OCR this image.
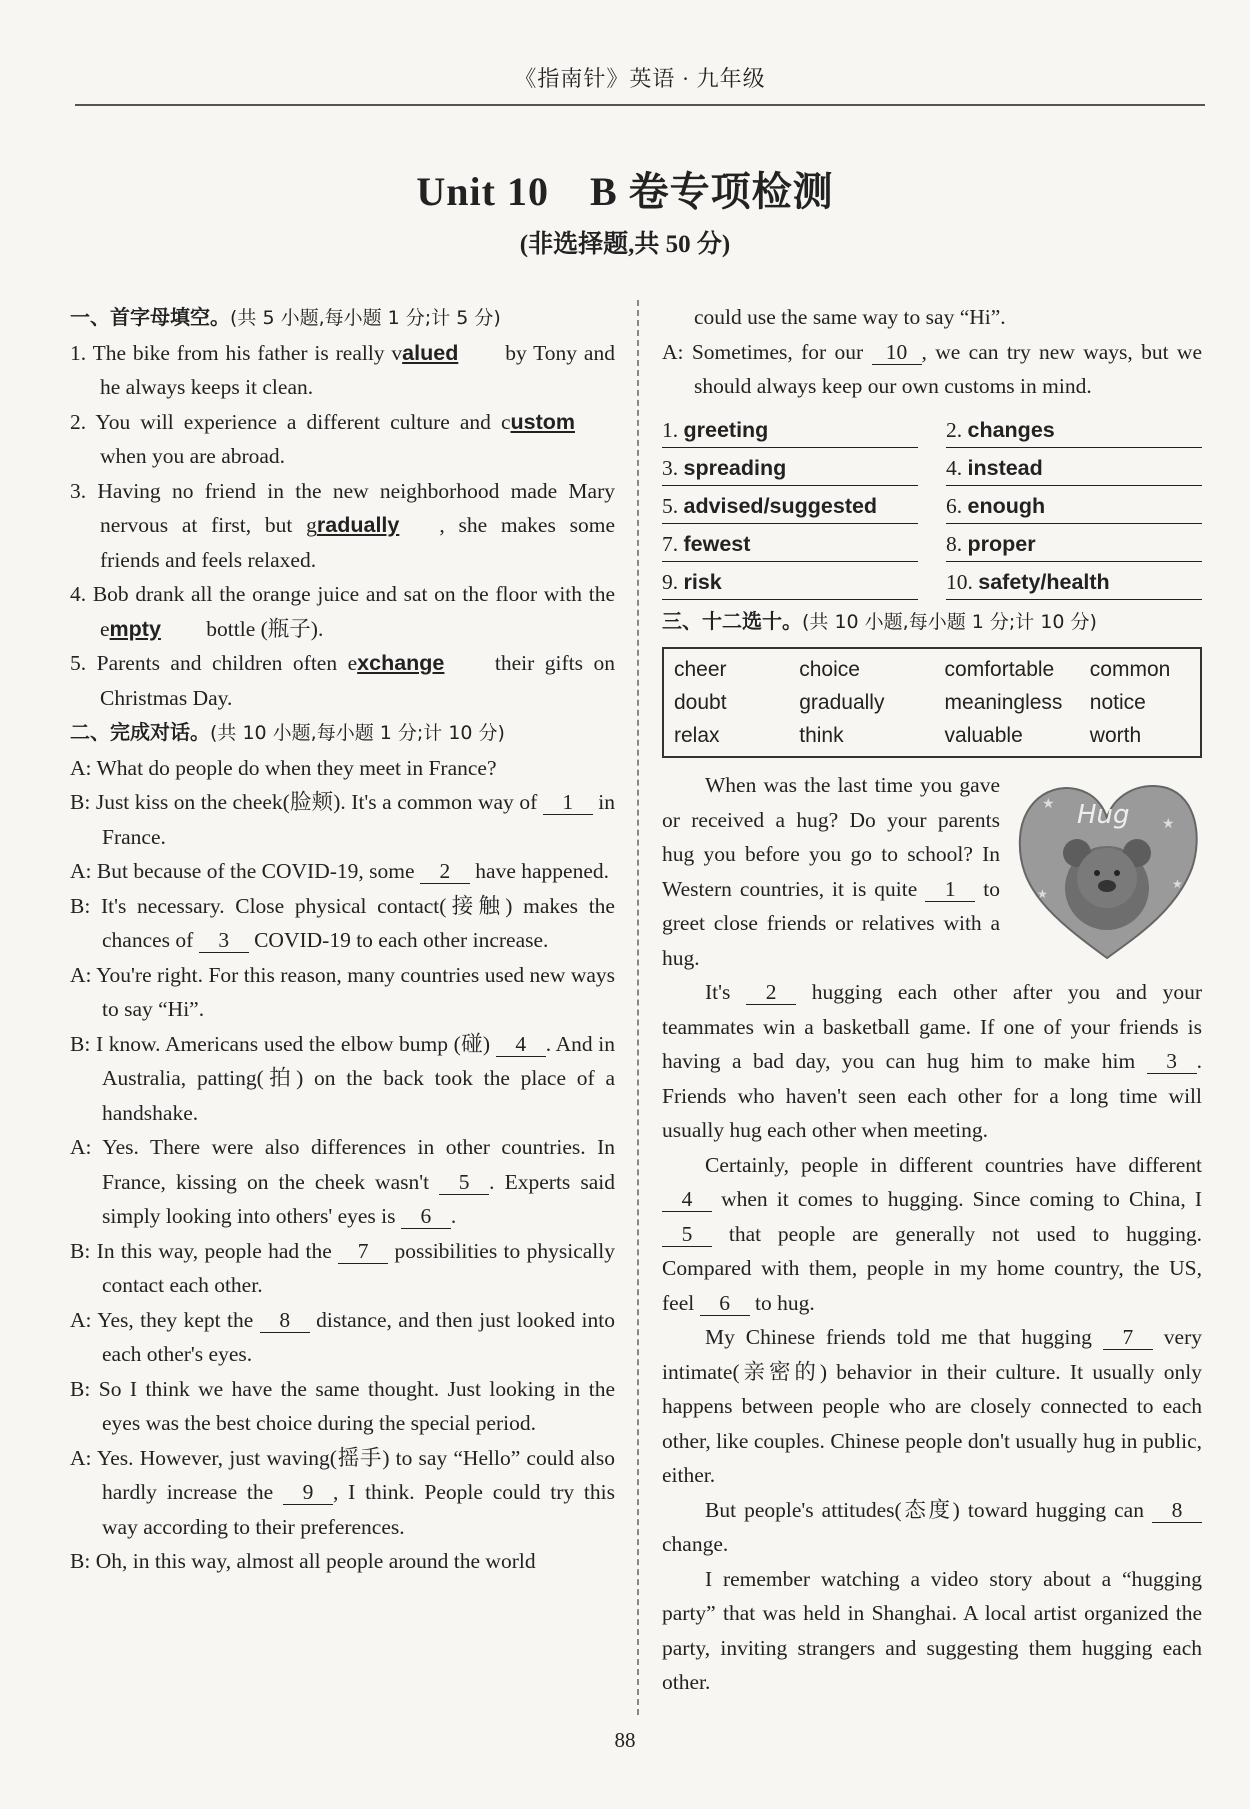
《指南针》英语 · 九年级
Unit 10　B 卷专项检测
(非选择题,共 50 分)
一、首字母填空。(共 5 小题,每小题 1 分;计 5 分)
1. The bike from his father is really valued by Tony and he always keeps it clean.
2. You will experience a different culture and custom when you are abroad.
3. Having no friend in the new neighborhood made Mary nervous at first, but gradually , she makes some friends and feels relaxed.
4. Bob drank all the orange juice and sat on the floor with the empty bottle (瓶子).
5. Parents and children often exchange their gifts on Christmas Day.
二、完成对话。(共 10 小题,每小题 1 分;计 10 分)
A: What do people do when they meet in France?
B: Just kiss on the cheek(脸颊). It's a common way of 1 in France.
A: But because of the COVID-19, some 2 have happened.
B: It's necessary. Close physical contact(接触) makes the chances of 3 COVID-19 to each other increase.
A: You're right. For this reason, many countries used new ways to say “Hi”.
B: I know. Americans used the elbow bump (碰) 4 . And in Australia, patting(拍) on the back took the place of a handshake.
A: Yes. There were also differences in other countries. In France, kissing on the cheek wasn't 5 . Experts said simply looking into others' eyes is 6 .
B: In this way, people had the 7 possibilities to physically contact each other.
A: Yes, they kept the 8 distance, and then just looked into each other's eyes.
B: So I think we have the same thought. Just looking in the eyes was the best choice during the special period.
A: Yes. However, just waving(摇手) to say “Hello” could also hardly increase the 9 , I think. People could try this way according to their preferences.
B: Oh, in this way, almost all people around the world
could use the same way to say “Hi”.
A: Sometimes, for our 10 , we can try new ways, but we should always keep our own customs in mind.
1. greeting	2. changes
3. spreading	4. instead
5. advised/suggested	6. enough
7. fewest	8. proper
9. risk	10. safety/health
三、十二选十。(共 10 小题,每小题 1 分;计 10 分)
cheer	choice	comfortable	common
doubt	gradually	meaningless	notice
relax	think	valuable	worth
Hug
★
★
★
★
When was the last time you gave or received a hug? Do your parents hug you before you go to school? In Western countries, it is quite 1 to greet close friends or relatives with a hug.
It's 2 hugging each other after you and your teammates win a basketball game. If one of your friends is having a bad day, you can hug him to make him 3 . Friends who haven't seen each other for a long time will usually hug each other when meeting.
Certainly, people in different countries have different 4 when it comes to hugging. Since coming to China, I 5 that people are generally not used to hugging. Compared with them, people in my home country, the US, feel 6 to hug.
My Chinese friends told me that hugging 7 very intimate(亲密的) behavior in their culture. It usually only happens between people who are closely connected to each other, like couples. Chinese people don't usually hug in public, either.
But people's attitudes(态度) toward hugging can 8 change.
I remember watching a video story about a “hugging party” that was held in Shanghai. A local artist organized the party, inviting strangers and suggesting them hugging each other.
88
